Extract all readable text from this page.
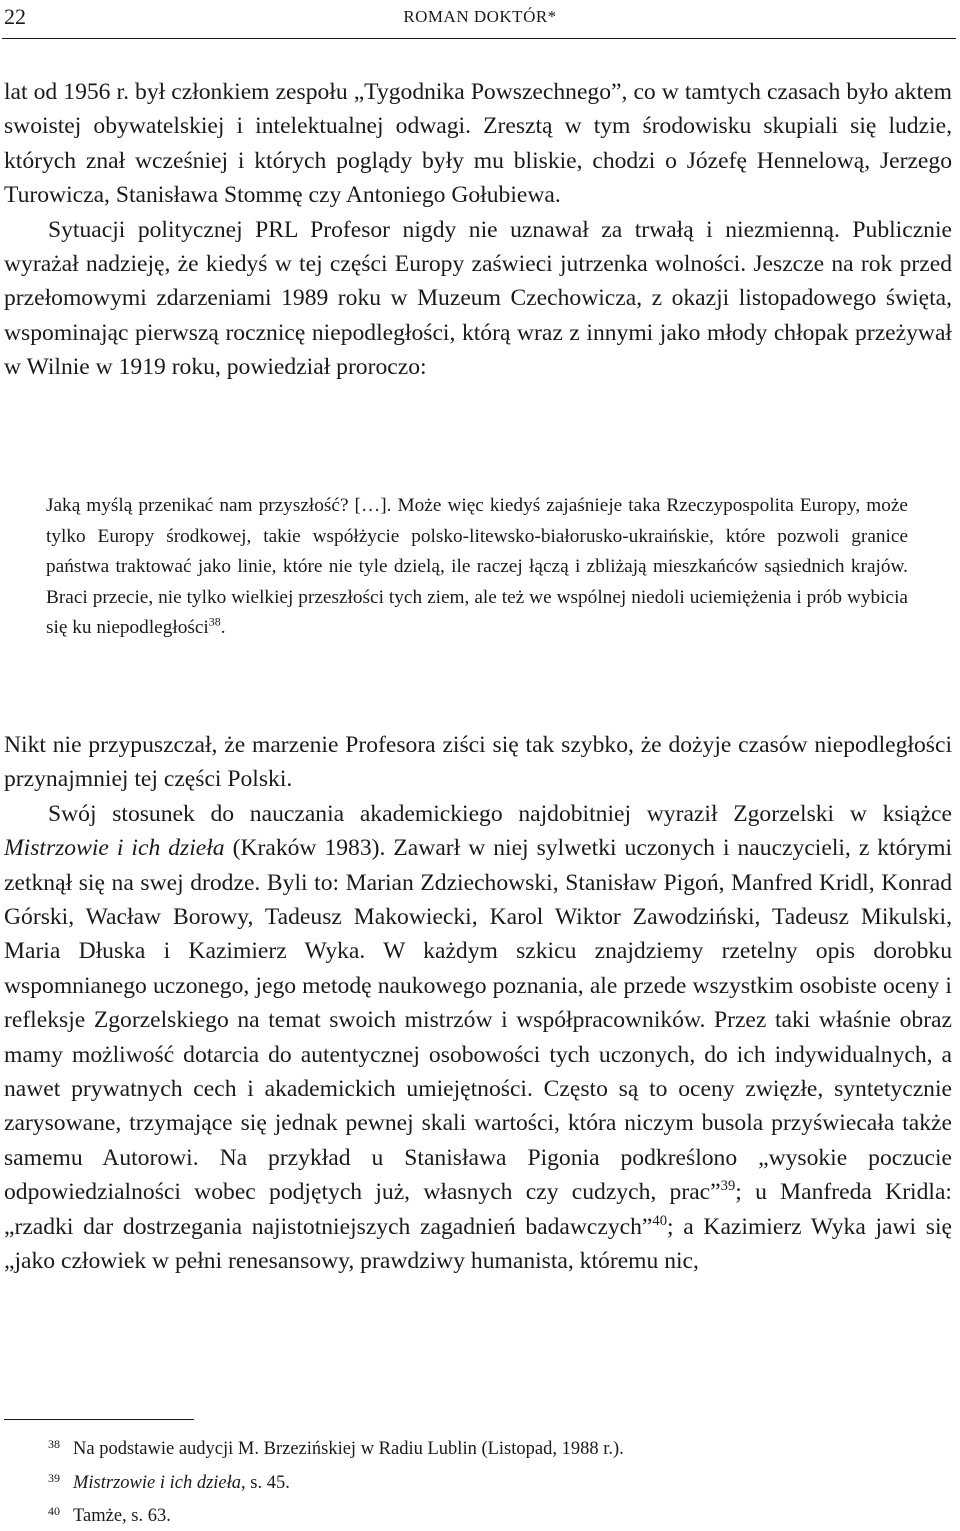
22	ROMAN DOKTÓR*

lat od 1956 r. był członkiem zespołu „Tygodnika Powszechnego”, co w tamtych czasach było aktem swoistej obywatelskiej i intelektualnej odwagi. Zresztą w tym środowisku skupiali się ludzie, których znał wcześniej i których poglądy były mu bliskie, chodzi o Józefę Hennelową, Jerzego Turowicza, Stanisława Stommę czy Antoniego Gołubiewa.

Sytuacji politycznej PRL Profesor nigdy nie uznawał za trwałą i niezmienną. Publicznie wyrażał nadzieję, że kiedyś w tej części Europy zaświeci jutrzenka wolności. Jeszcze na rok przed przełomowymi zdarzeniami 1989 roku w Muzeum Czechowicza, z okazji listopadowego święta, wspominając pierwszą rocznicę niepodległości, którą wraz z innymi jako młody chłopak przeżywał w Wilnie w 1919 roku, powiedział proroczo:

Jaką myślą przenikać nam przyszłość? […]. Może więc kiedyś zajaśnieje taka Rzeczypospolita Europy, może tylko Europy środkowej, takie współżycie polsko-litewsko-białorusko-ukraińskie, które pozwoli granice państwa traktować jako linie, które nie tyle dzielą, ile raczej łączą i zbliżają mieszkańców sąsiednich krajów. Braci przecie, nie tylko wielkiej przeszłości tych ziem, ale też we wspólnej niedoli uciemiężenia i prób wybicia się ku niepodległości$^{38}$.

Nikt nie przypuszczał, że marzenie Profesora ziści się tak szybko, że dożyje czasów niepodległości przynajmniej tej części Polski.

Swój stosunek do nauczania akademickiego najdobitniej wyraził Zgorzelski w książce Mistrzowie i ich dzieła (Kraków 1983). Zawarł w niej sylwetki uczonych i nauczycieli, z którymi zetknął się na swej drodze. Byli to: Marian Zdziechowski, Stanisław Pigoń, Manfred Kridl, Konrad Górski, Wacław Borowy, Tadeusz Makowiecki, Karol Wiktor Zawodziński, Tadeusz Mikulski, Maria Dłuska i Kazimierz Wyka. W każdym szkicu znajdziemy rzetelny opis dorobku wspomnianego uczonego, jego metodę naukowego poznania, ale przede wszystkim osobiste oceny i refleksje Zgorzelskiego na temat swoich mistrzów i współpracowników. Przez taki właśnie obraz mamy możliwość dotarcia do autentycznej osobowości tych uczonych, do ich indywidualnych, a nawet prywatnych cech i akademickich umiejętności. Często są to oceny zwięzłe, syntetycznie zarysowane, trzymające się jednak pewnej skali wartości, która niczym busola przyświecała także samemu Autorowi. Na przykład u Stanisława Pigonia podkreślono „wysokie poczucie odpowiedzialności wobec podjętych już, własnych czy cudzych, prac”$^{39}$; u Manfreda Kridla: „rzadki dar dostrzegania najistotniejszych zagadnień badawczych”$^{40}$; a Kazimierz Wyka jawi się „jako człowiek w pełni renesansowy, prawdziwy humanista, któremu nic,

38 Na podstawie audycji M. Brzezińskiej w Radiu Lublin (Listopad, 1988 r.).
39 Mistrzowie i ich dzieła, s. 45.
40 Tamże, s. 63.
